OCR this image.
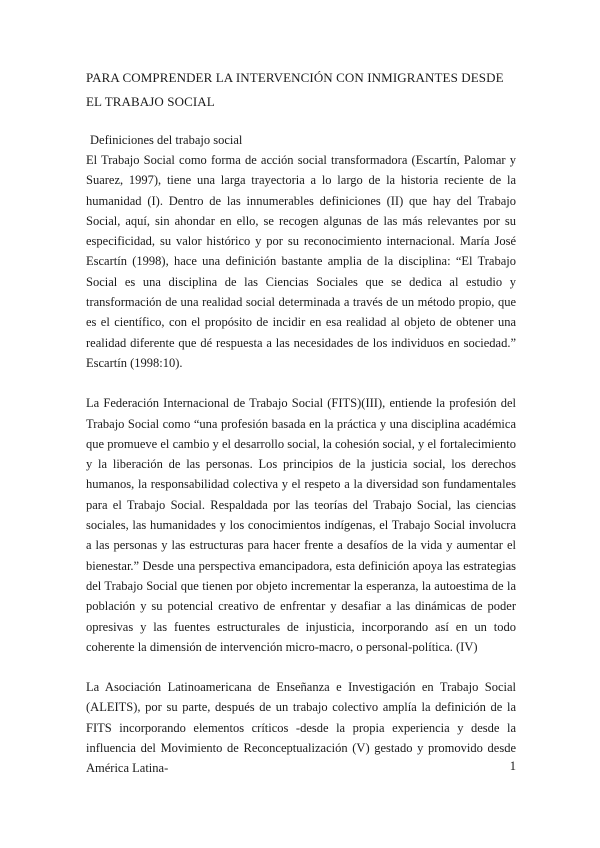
PARA COMPRENDER LA INTERVENCIÓN CON INMIGRANTES DESDE EL TRABAJO SOCIAL
Definiciones del trabajo social

El Trabajo Social como forma de acción social transformadora (Escartín, Palomar y Suarez, 1997), tiene una larga trayectoria a lo largo de la historia reciente de la humanidad (I). Dentro de las innumerables definiciones (II) que hay del Trabajo Social, aquí, sin ahondar en ello, se recogen algunas de las más relevantes por su especificidad, su valor histórico y por su reconocimiento internacional. María José Escartín (1998), hace una definición bastante amplia de la disciplina: “El Trabajo Social es una disciplina de las Ciencias Sociales que se dedica al estudio y transformación de una realidad social determinada a través de un método propio, que es el científico, con el propósito de incidir en esa realidad al objeto de obtener una realidad diferente que dé respuesta a las necesidades de los individuos en sociedad.” Escartín (1998:10).

La Federación Internacional de Trabajo Social (FITS)(III), entiende la profesión del Trabajo Social como “una profesión basada en la práctica y una disciplina académica que promueve el cambio y el desarrollo social, la cohesión social, y el fortalecimiento y la liberación de las personas. Los principios de la justicia social, los derechos humanos, la responsabilidad colectiva y el respeto a la diversidad son fundamentales para el Trabajo Social. Respaldada por las teorías del Trabajo Social, las ciencias sociales, las humanidades y los conocimientos indígenas, el Trabajo Social involucra a las personas y las estructuras para hacer frente a desafíos de la vida y aumentar el bienestar.” Desde una perspectiva emancipadora, esta definición apoya las estrategias del Trabajo Social que tienen por objeto incrementar la esperanza, la autoestima de la población y su potencial creativo de enfrentar y desafiar a las dinámicas de poder opresivas y las fuentes estructurales de injusticia, incorporando así en un todo coherente la dimensión de intervención micro-macro, o personal-política. (IV)

La Asociación Latinoamericana de Enseñanza e Investigación en Trabajo Social (ALEITS), por su parte, después de un trabajo colectivo amplía la definición de la FITS incorporando elementos críticos -desde la propia experiencia y desde la influencia del Movimiento de Reconceptualización (V) gestado y promovido desde América Latina-	1
